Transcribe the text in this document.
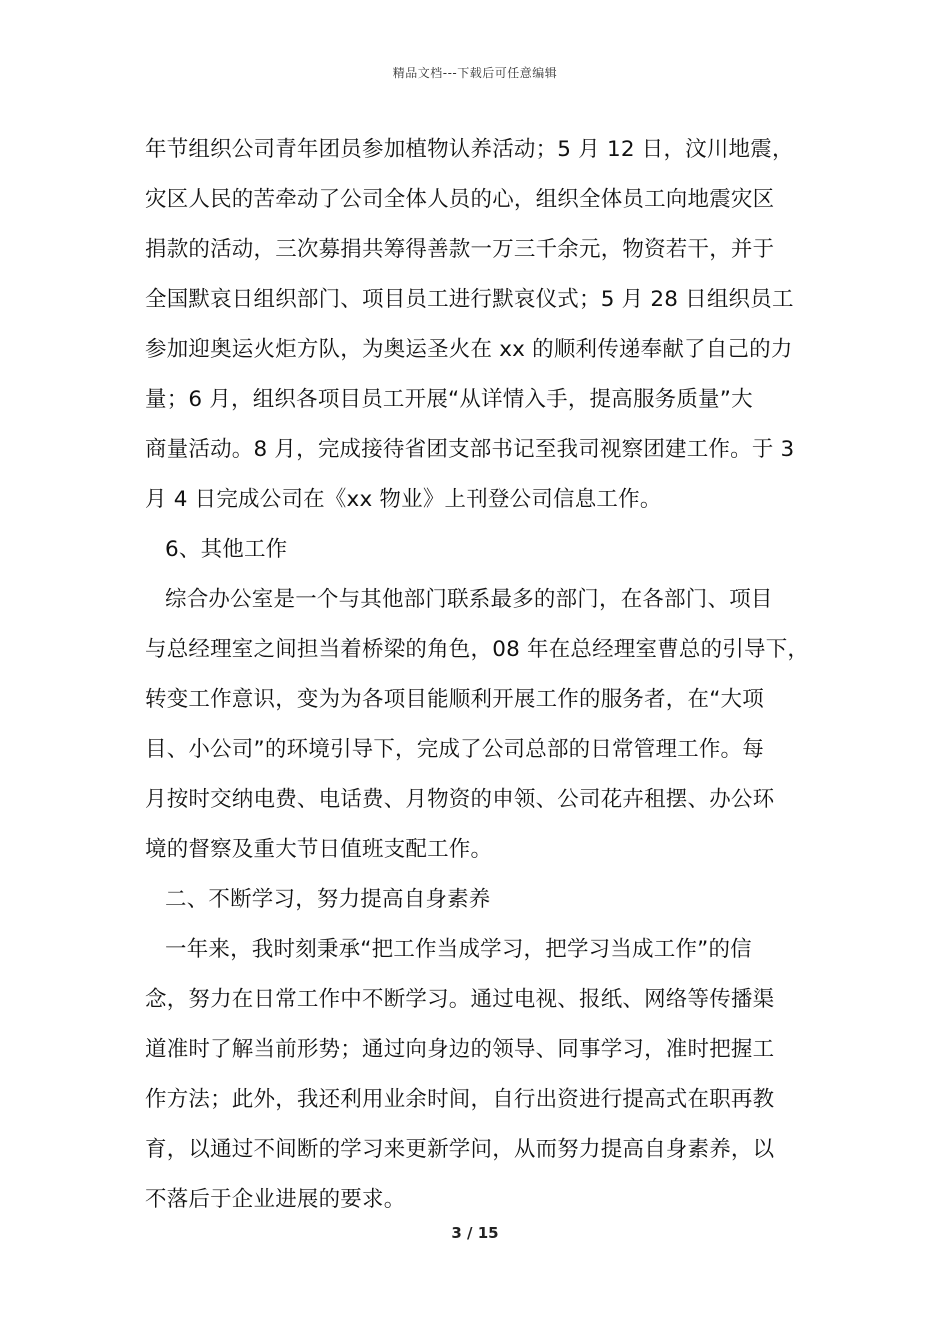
精品文档---下载后可任意编辑
年节组织公司青年团员参加植物认养活动；5 月 12 日，汶川地震，
灾区人民的苦牵动了公司全体人员的心，组织全体员工向地震灾区
捐款的活动，三次募捐共筹得善款一万三千余元，物资若干，并于
全国默哀日组织部门、项目员工进行默哀仪式；5 月 28 日组织员工
参加迎奥运火炬方队，为奥运圣火在 xx 的顺利传递奉献了自己的力
量；6 月，组织各项目员工开展“从详情入手，提高服务质量”大
商量活动。8 月，完成接待省团支部书记至我司视察团建工作。于 3
月 4 日完成公司在《xx 物业》上刊登公司信息工作。
6、其他工作
综合办公室是一个与其他部门联系最多的部门，在各部门、项目
与总经理室之间担当着桥梁的角色，08 年在总经理室曹总的引导下，
转变工作意识，变为为各项目能顺利开展工作的服务者，在“大项
目、小公司”的环境引导下，完成了公司总部的日常管理工作。每
月按时交纳电费、电话费、月物资的申领、公司花卉租摆、办公环
境的督察及重大节日值班支配工作。
二、不断学习，努力提高自身素养
一年来，我时刻秉承“把工作当成学习，把学习当成工作”的信
念，努力在日常工作中不断学习。通过电视、报纸、网络等传播渠
道准时了解当前形势；通过向身边的领导、同事学习，准时把握工
作方法；此外，我还利用业余时间，自行出资进行提高式在职再教
育，以通过不间断的学习来更新学问，从而努力提高自身素养，以
不落后于企业进展的要求。
3 / 15
